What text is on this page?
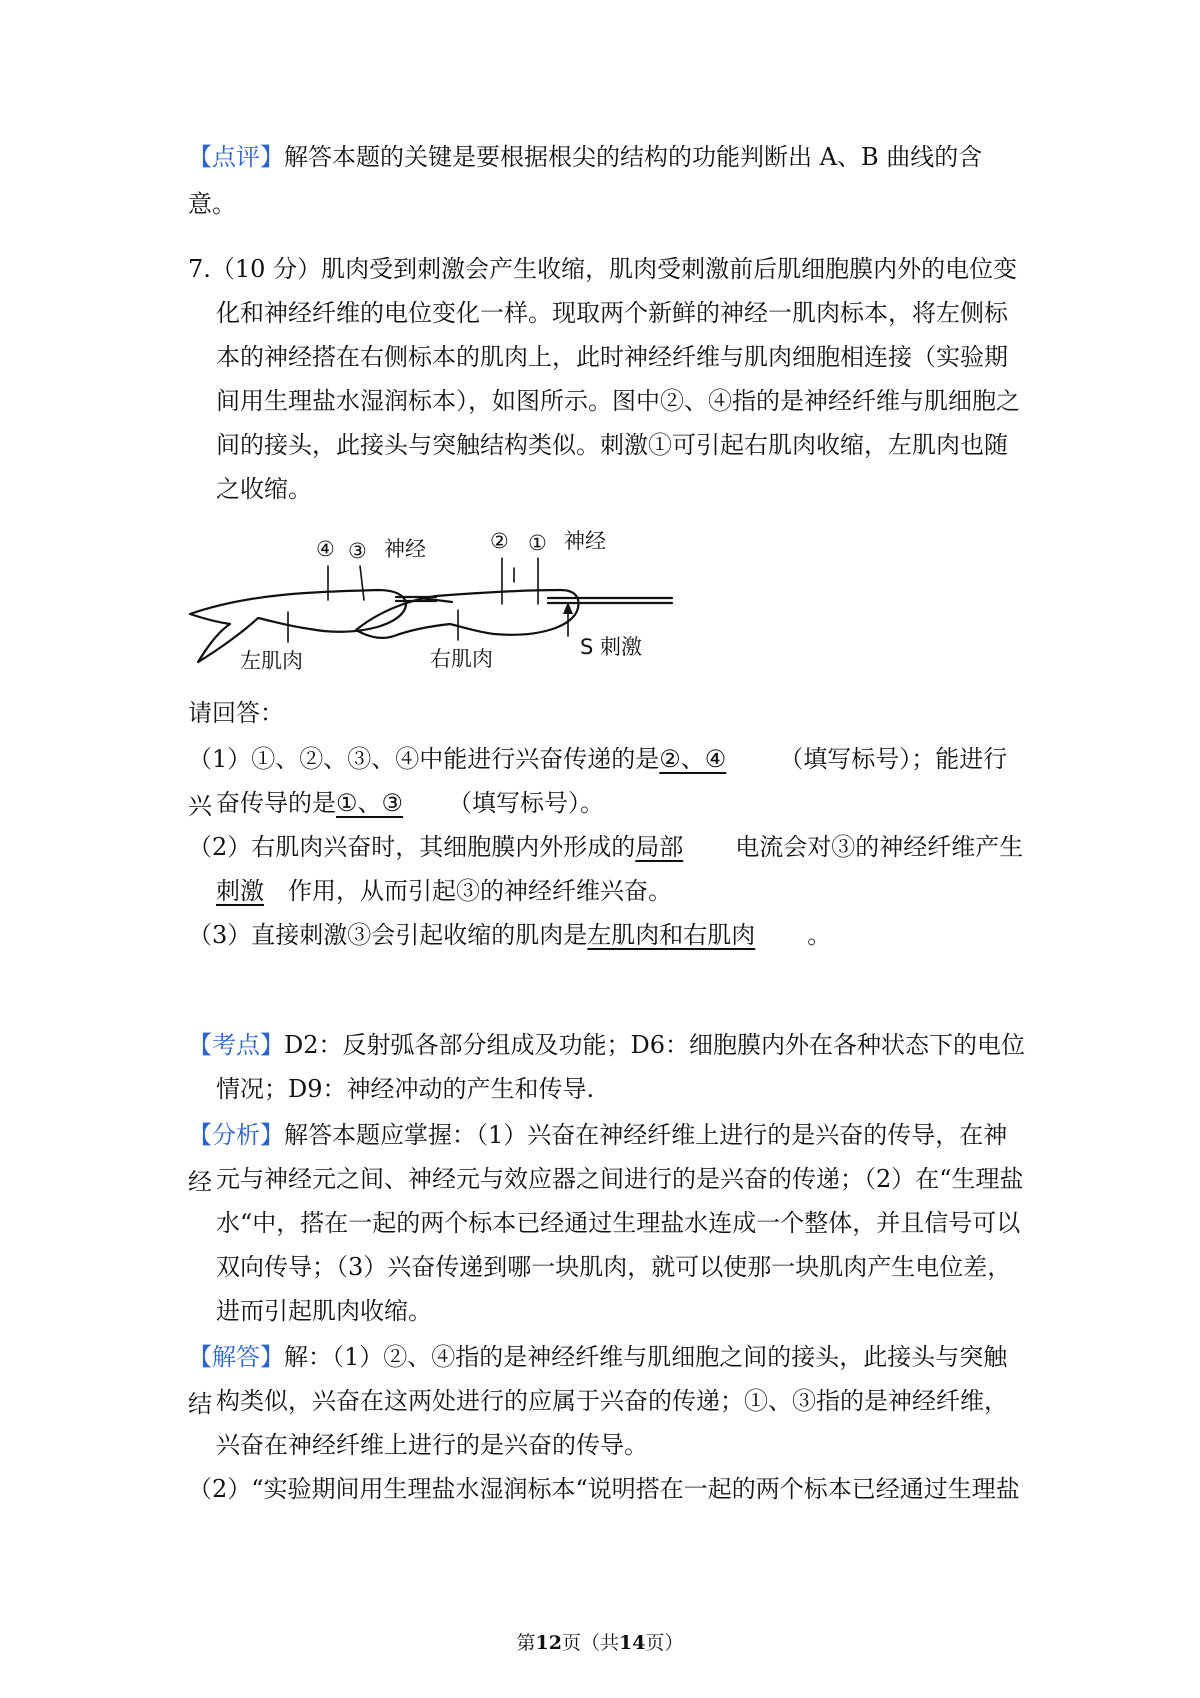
【点评】解答本题的关键是要根据根尖的结构的功能判断出 A、B 曲线的含意。

7.（10 分）肌肉受到刺激会产生收缩，肌肉受刺激前后肌细胞膜内外的电位变

化和神经纤维的电位变化一样。现取两个新鲜的神经一肌肉标本，将左侧标

本的神经搭在右侧标本的肌肉上，此时神经纤维与肌肉细胞相连接（实验期

间用生理盐水湿润标本），如图所示。图中②、④指的是神经纤维与肌细胞之

间的接头，此接头与突触结构类似。刺激①可引起右肌肉收缩，左肌肉也随

之收缩。

④ ③ 神经	② ① 神经
左肌肉	右肌肉	S 刺激

请回答：

（1）①、②、③、④中能进行兴奋传递的是②、④ （填写标号）；能进行兴 奋传导的是①、③ （填写标号）。

（2）右肌肉兴奋时，其细胞膜内外形成的局部 电流会对③的神经纤维产生

刺激 作用，从而引起③的神经纤维兴奋。

（3）直接刺激③会引起收缩的肌肉是左肌肉和右肌肉 。

【考点】D2：反射弧各部分组成及功能；D6：细胞膜内外在各种状态下的电位

情况；D9：神经冲动的产生和传导.

【分析】解答本题应掌握：（1）兴奋在神经纤维上进行的是兴奋的传导，在神经 元与神经元之间、神经元与效应器之间进行的是兴奋的传递；（2）在“生理盐

水“中，搭在一起的两个标本已经通过生理盐水连成一个整体，并且信号可以

双向传导；（3）兴奋传递到哪一块肌肉，就可以使那一块肌肉产生电位差，

进而引起肌肉收缩。

【解答】解：（1）②、④指的是神经纤维与肌细胞之间的接头，此接头与突触结 构类似，兴奋在这两处进行的应属于兴奋的传递；①、③指的是神经纤维，

兴奋在神经纤维上进行的是兴奋的传导。

（2）“实验期间用生理盐水湿润标本“说明搭在一起的两个标本已经通过生理盐

第12页（共14页）
